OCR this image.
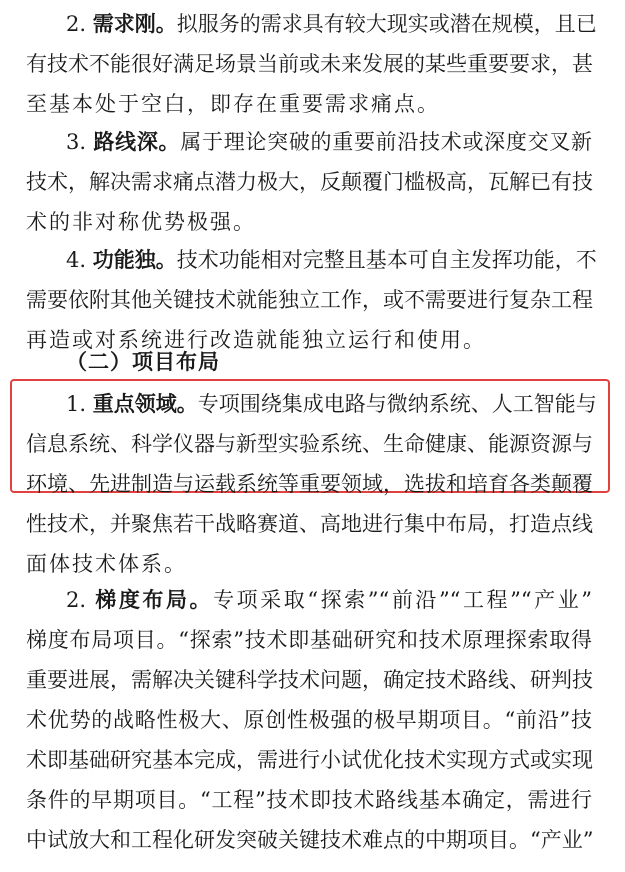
2. 需求刚。拟服务的需求具有较大现实或潜在规模，且已
有技术不能很好满足场景当前或未来发展的某些重要要求，甚
至基本处于空白，即存在重要需求痛点。
3. 路线深。属于理论突破的重要前沿技术或深度交叉新
技术，解决需求痛点潜力极大，反颠覆门槛极高，瓦解已有技
术的非对称优势极强。
4. 功能独。技术功能相对完整且基本可自主发挥功能，不
需要依附其他关键技术就能独立工作，或不需要进行复杂工程
再造或对系统进行改造就能独立运行和使用。
1. 重点领域。专项围绕集成电路与微纳系统、人工智能与
信息系统、科学仪器与新型实验系统、生命健康、能源资源与
环境、先进制造与运载系统等重要领域，选拔和培育各类颠覆
性技术，并聚焦若干战略赛道、高地进行集中布局，打造点线
面体技术体系。
2. 梯度布局。专项采取“探索”“前沿”“工程”“产业”
梯度布局项目。“探索”技术即基础研究和技术原理探索取得
重要进展，需解决关键科学技术问题，确定技术路线、研判技
术优势的战略性极大、原创性极强的极早期项目。“前沿”技
术即基础研究基本完成，需进行小试优化技术实现方式或实现
条件的早期项目。“工程”技术即技术路线基本确定，需进行
中试放大和工程化研发突破关键技术难点的中期项目。“产业”
（二）项目布局
